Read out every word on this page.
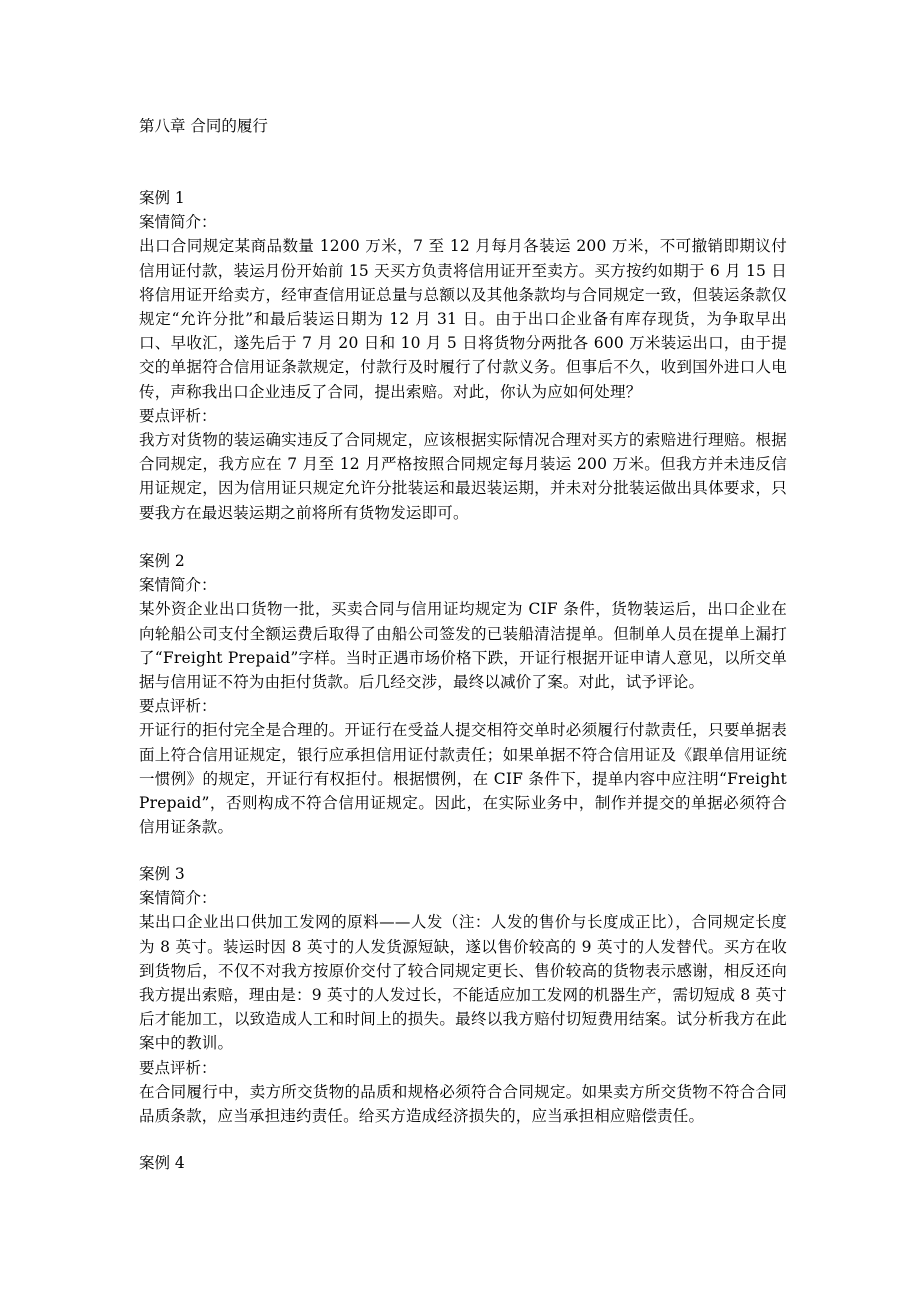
第八章 合同的履行
案例 1
案情简介：
出口合同规定某商品数量 1200 万米，7 至 12 月每月各装运 200 万米，不可撤销即期议付信用证付款，装运月份开始前 15 天买方负责将信用证开至卖方。买方按约如期于 6 月 15 日将信用证开给卖方，经审查信用证总量与总额以及其他条款均与合同规定一致，但装运条款仅规定“允许分批”和最后装运日期为 12 月 31 日。由于出口企业备有库存现货，为争取早出口、早收汇，遂先后于 7 月 20 日和 10 月 5 日将货物分两批各 600 万米装运出口，由于提交的单据符合信用证条款规定，付款行及时履行了付款义务。但事后不久，收到国外进口人电传，声称我出口企业违反了合同，提出索赔。对此，你认为应如何处理？
要点评析：
我方对货物的装运确实违反了合同规定，应该根据实际情况合理对买方的索赔进行理赔。根据合同规定，我方应在 7 月至 12 月严格按照合同规定每月装运 200 万米。但我方并未违反信用证规定，因为信用证只规定允许分批装运和最迟装运期，并未对分批装运做出具体要求，只要我方在最迟装运期之前将所有货物发运即可。
案例 2
案情简介：
某外资企业出口货物一批，买卖合同与信用证均规定为 CIF 条件，货物装运后，出口企业在向轮船公司支付全额运费后取得了由船公司签发的已装船清洁提单。但制单人员在提单上漏打了“Freight Prepaid”字样。当时正遇市场价格下跌，开证行根据开证申请人意见，以所交单据与信用证不符为由拒付货款。后几经交涉，最终以减价了案。对此，试予评论。
要点评析：
开证行的拒付完全是合理的。开证行在受益人提交相符交单时必须履行付款责任，只要单据表面上符合信用证规定，银行应承担信用证付款责任；如果单据不符合信用证及《跟单信用证统一惯例》的规定，开证行有权拒付。根据惯例，在 CIF 条件下，提单内容中应注明“Freight Prepaid”，否则构成不符合信用证规定。因此，在实际业务中，制作并提交的单据必须符合信用证条款。
案例 3
案情简介：
某出口企业出口供加工发网的原料——人发（注：人发的售价与长度成正比），合同规定长度为 8 英寸。装运时因 8 英寸的人发货源短缺，遂以售价较高的 9 英寸的人发替代。买方在收到货物后，不仅不对我方按原价交付了较合同规定更长、售价较高的货物表示感谢，相反还向我方提出索赔，理由是：9 英寸的人发过长，不能适应加工发网的机器生产，需切短成 8 英寸后才能加工，以致造成人工和时间上的损失。最终以我方赔付切短费用结案。试分析我方在此案中的教训。
要点评析：
在合同履行中，卖方所交货物的品质和规格必须符合合同规定。如果卖方所交货物不符合合同品质条款，应当承担违约责任。给买方造成经济损失的，应当承担相应赔偿责任。
案例 4
